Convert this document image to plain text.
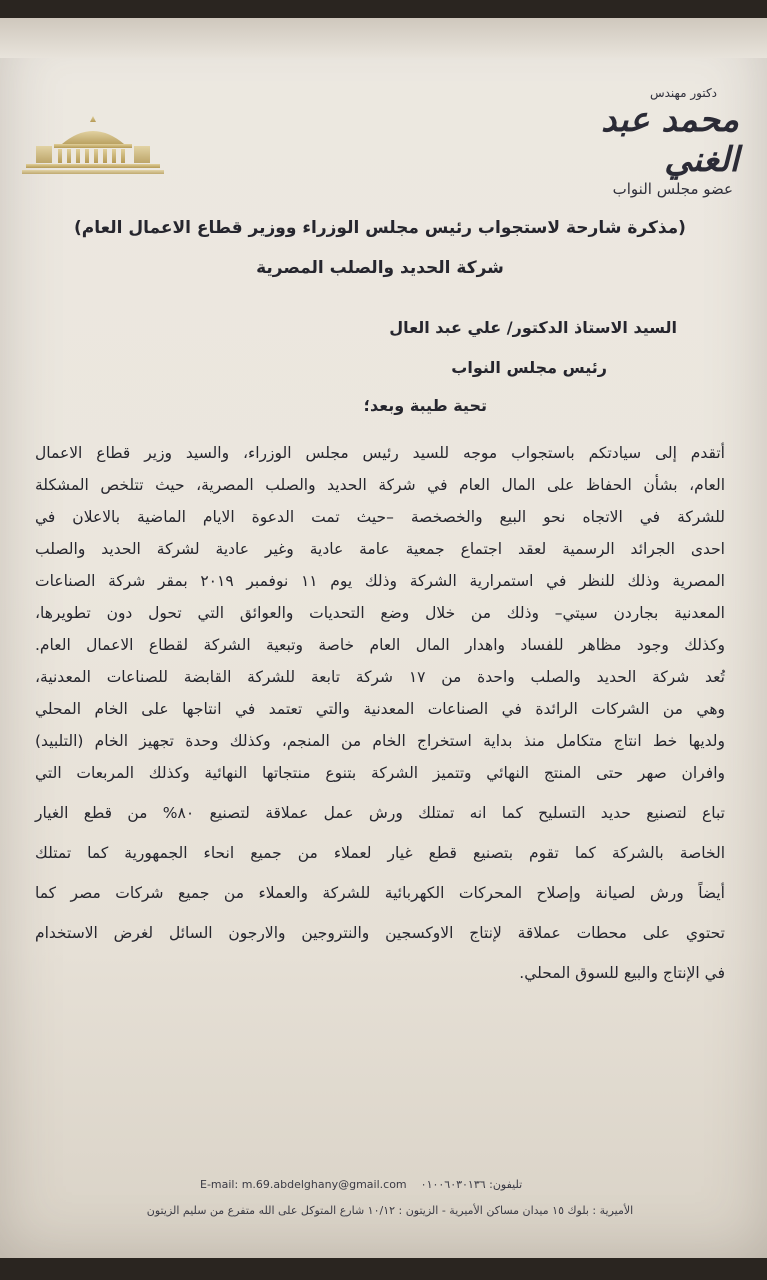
دكتور مهندس
محمد عبد الغني
عضو مجلس النواب
(مذكرة شارحة لاستجواب رئيس مجلس الوزراء ووزير قطاع الاعمال العام)
شركة الحديد والصلب المصرية
السيد الاستاذ الدكتور/ علي عبد العال
رئيس مجلس النواب
تحية طيبة وبعد؛
أتقدم إلى سيادتكم باستجواب موجه للسيد رئيس مجلس الوزراء، والسيد وزير قطاع الاعمال
العام، بشأن الحفاظ على المال العام في شركة الحديد والصلب المصرية، حيث تتلخص المشكلة
للشركة في الاتجاه نحو البيع والخصخصة –حيث تمت الدعوة الايام الماضية بالاعلان في
احدى الجرائد الرسمية لعقد اجتماع جمعية عامة عادية وغير عادية لشركة الحديد والصلب
المصرية وذلك للنظر في استمرارية الشركة وذلك يوم ١١ نوفمبر ٢٠١٩ بمقر شركة الصناعات
المعدنية بجاردن سيتي– وذلك من خلال وضع التحديات والعوائق التي تحول دون تطويرها،
وكذلك وجود مظاهر للفساد واهدار المال العام خاصة وتبعية الشركة لقطاع الاعمال العام.
تُعد شركة الحديد والصلب واحدة من ١٧ شركة تابعة للشركة القابضة للصناعات المعدنية،
وهي من الشركات الرائدة في الصناعات المعدنية والتي تعتمد في انتاجها على الخام المحلي
ولديها خط انتاج متكامل منذ بداية استخراج الخام من المنجم، وكذلك وحدة تجهيز الخام (التلبيد)
وافران صهر حتى المنتج النهائي وتتميز الشركة بتنوع منتجاتها النهائية وكذلك المربعات التي
تباع لتصنيع حديد التسليح كما انه تمتلك ورش عمل عملاقة لتصنيع ٨٠% من قطع الغيار
الخاصة بالشركة كما تقوم بتصنيع قطع غيار لعملاء من جميع انحاء الجمهورية كما تمتلك
أيضاً ورش لصيانة وإصلاح المحركات الكهربائية للشركة والعملاء من جميع شركات مصر كما
تحتوي على محطات عملاقة لإنتاج الاوكسجين والنتروجين والارجون السائل لغرض الاستخدام
في الإنتاج والبيع للسوق المحلي.
E-mail: m.69.abdelghany@gmail.com تليفون: ٠١٠٠٦٠٣٠١٣٦
الأميرية : بلوك ١٥ ميدان مساكن الأميرية - الزيتون : ١٠/١٢ شارع المتوكل على الله متفرع من سليم الزيتون
